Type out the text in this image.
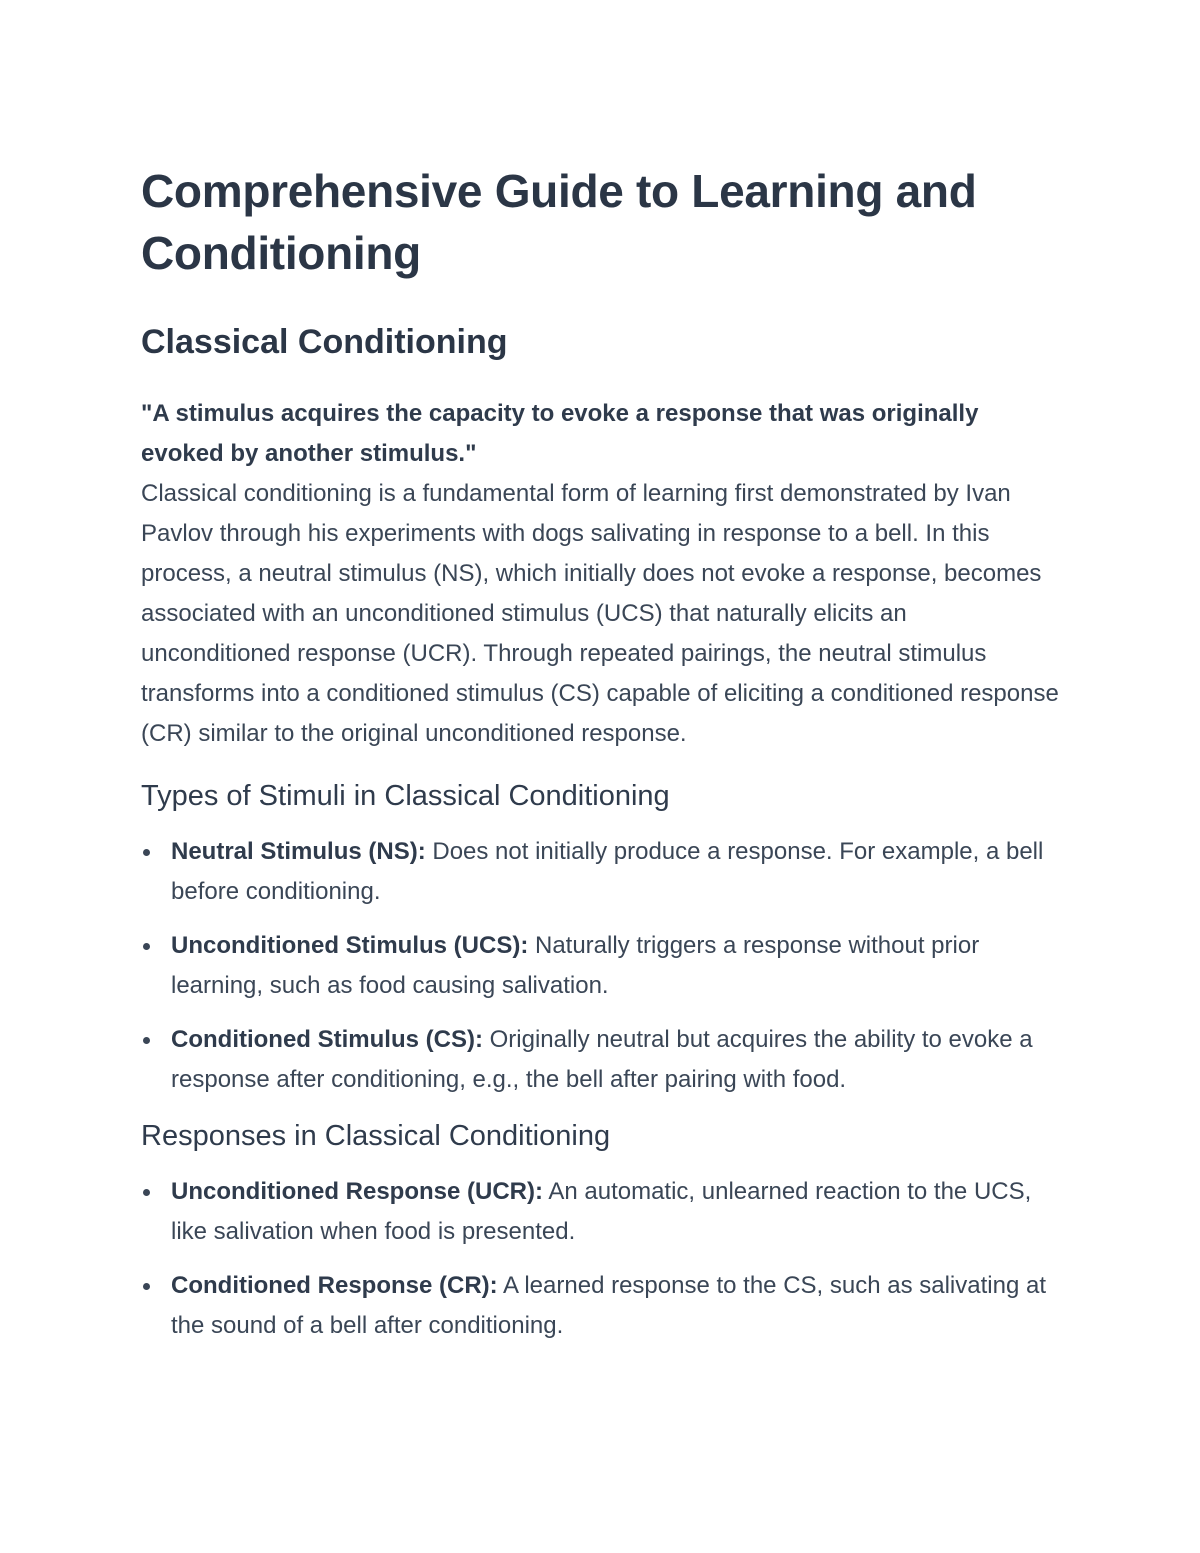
Comprehensive Guide to Learning and Conditioning
Classical Conditioning

"A stimulus acquires the capacity to evoke a response that was originally evoked by another stimulus."

Classical conditioning is a fundamental form of learning first demonstrated by Ivan Pavlov through his experiments with dogs salivating in response to a bell. In this process, a neutral stimulus (NS), which initially does not evoke a response, becomes associated with an unconditioned stimulus (UCS) that naturally elicits an unconditioned response (UCR). Through repeated pairings, the neutral stimulus transforms into a conditioned stimulus (CS) capable of eliciting a conditioned response (CR) similar to the original unconditioned response.

Types of Stimuli in Classical Conditioning
Neutral Stimulus (NS): Does not initially produce a response. For example, a bell before conditioning.
Unconditioned Stimulus (UCS): Naturally triggers a response without prior learning, such as food causing salivation.
Conditioned Stimulus (CS): Originally neutral but acquires the ability to evoke a response after conditioning, e.g., the bell after pairing with food.
Responses in Classical Conditioning
Unconditioned Response (UCR): An automatic, unlearned reaction to the UCS, like salivation when food is presented.
Conditioned Response (CR): A learned response to the CS, such as salivating at the sound of a bell after conditioning.
